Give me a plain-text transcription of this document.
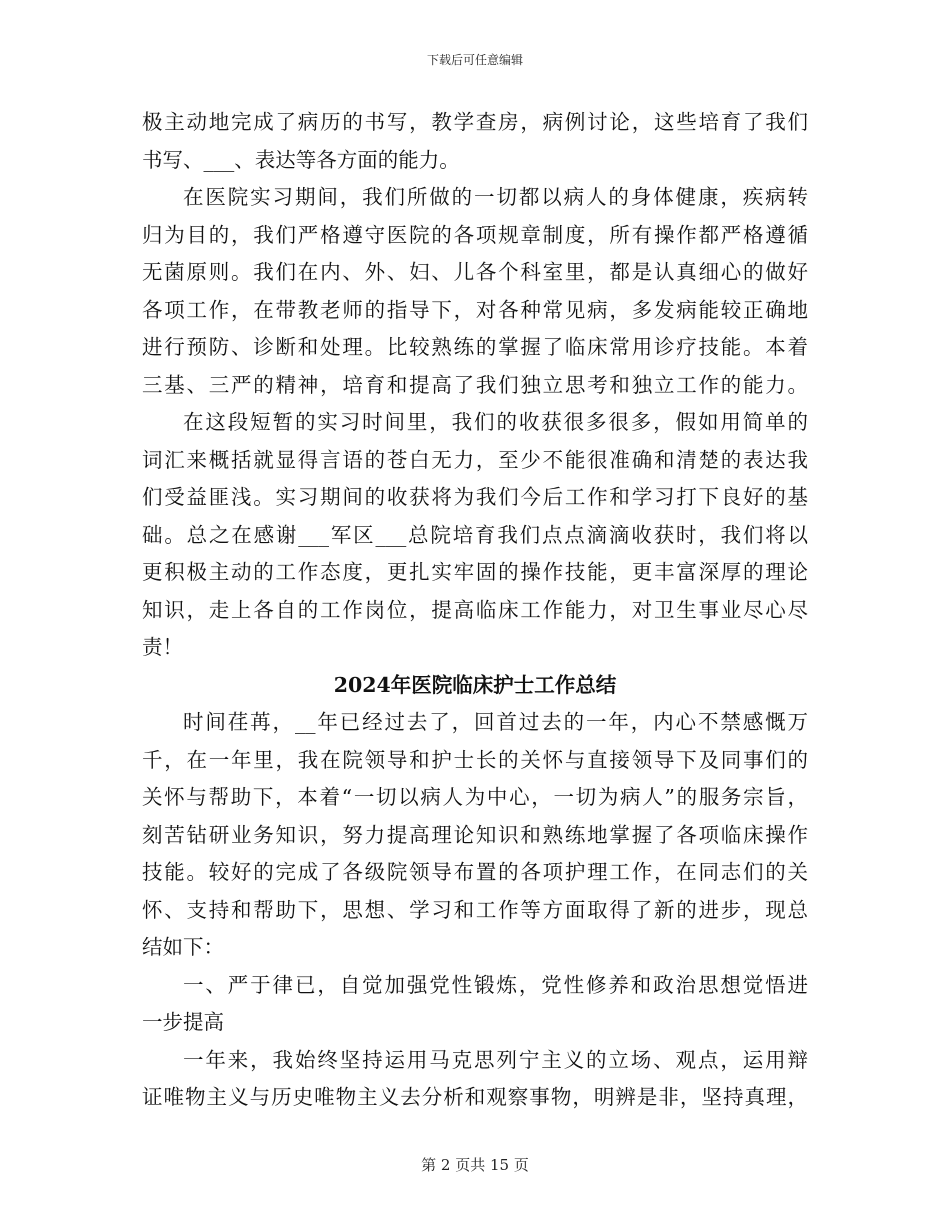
下载后可任意编辑
极主动地完成了病历的书写，教学查房，病例讨论，这些培育了我们
书写、___、表达等各方面的能力。
在医院实习期间，我们所做的一切都以病人的身体健康，疾病转
归为目的，我们严格遵守医院的各项规章制度，所有操作都严格遵循
无菌原则。我们在内、外、妇、儿各个科室里，都是认真细心的做好
各项工作，在带教老师的指导下，对各种常见病，多发病能较正确地
进行预防、诊断和处理。比较熟练的掌握了临床常用诊疗技能。本着
三基、三严的精神，培育和提高了我们独立思考和独立工作的能力。
在这段短暂的实习时间里，我们的收获很多很多，假如用简单的
词汇来概括就显得言语的苍白无力，至少不能很准确和清楚的表达我
们受益匪浅。实习期间的收获将为我们今后工作和学习打下良好的基
础。总之在感谢___军区___总院培育我们点点滴滴收获时，我们将以
更积极主动的工作态度，更扎实牢固的操作技能，更丰富深厚的理论
知识，走上各自的工作岗位，提高临床工作能力，对卫生事业尽心尽
责！
2024年医院临床护士工作总结
时间荏苒，__年已经过去了，回首过去的一年，内心不禁感慨万
千，在一年里，我在院领导和护士长的关怀与直接领导下及同事们的
关怀与帮助下，本着“一切以病人为中心，一切为病人”的服务宗旨，
刻苦钻研业务知识，努力提高理论知识和熟练地掌握了各项临床操作
技能。较好的完成了各级院领导布置的各项护理工作，在同志们的关
怀、支持和帮助下，思想、学习和工作等方面取得了新的进步，现总
结如下：
一、严于律已，自觉加强党性锻炼，党性修养和政治思想觉悟进
一步提高
一年来，我始终坚持运用马克思列宁主义的立场、观点，运用辩
证唯物主义与历史唯物主义去分析和观察事物，明辨是非，坚持真理，
第 2 页共 15 页
